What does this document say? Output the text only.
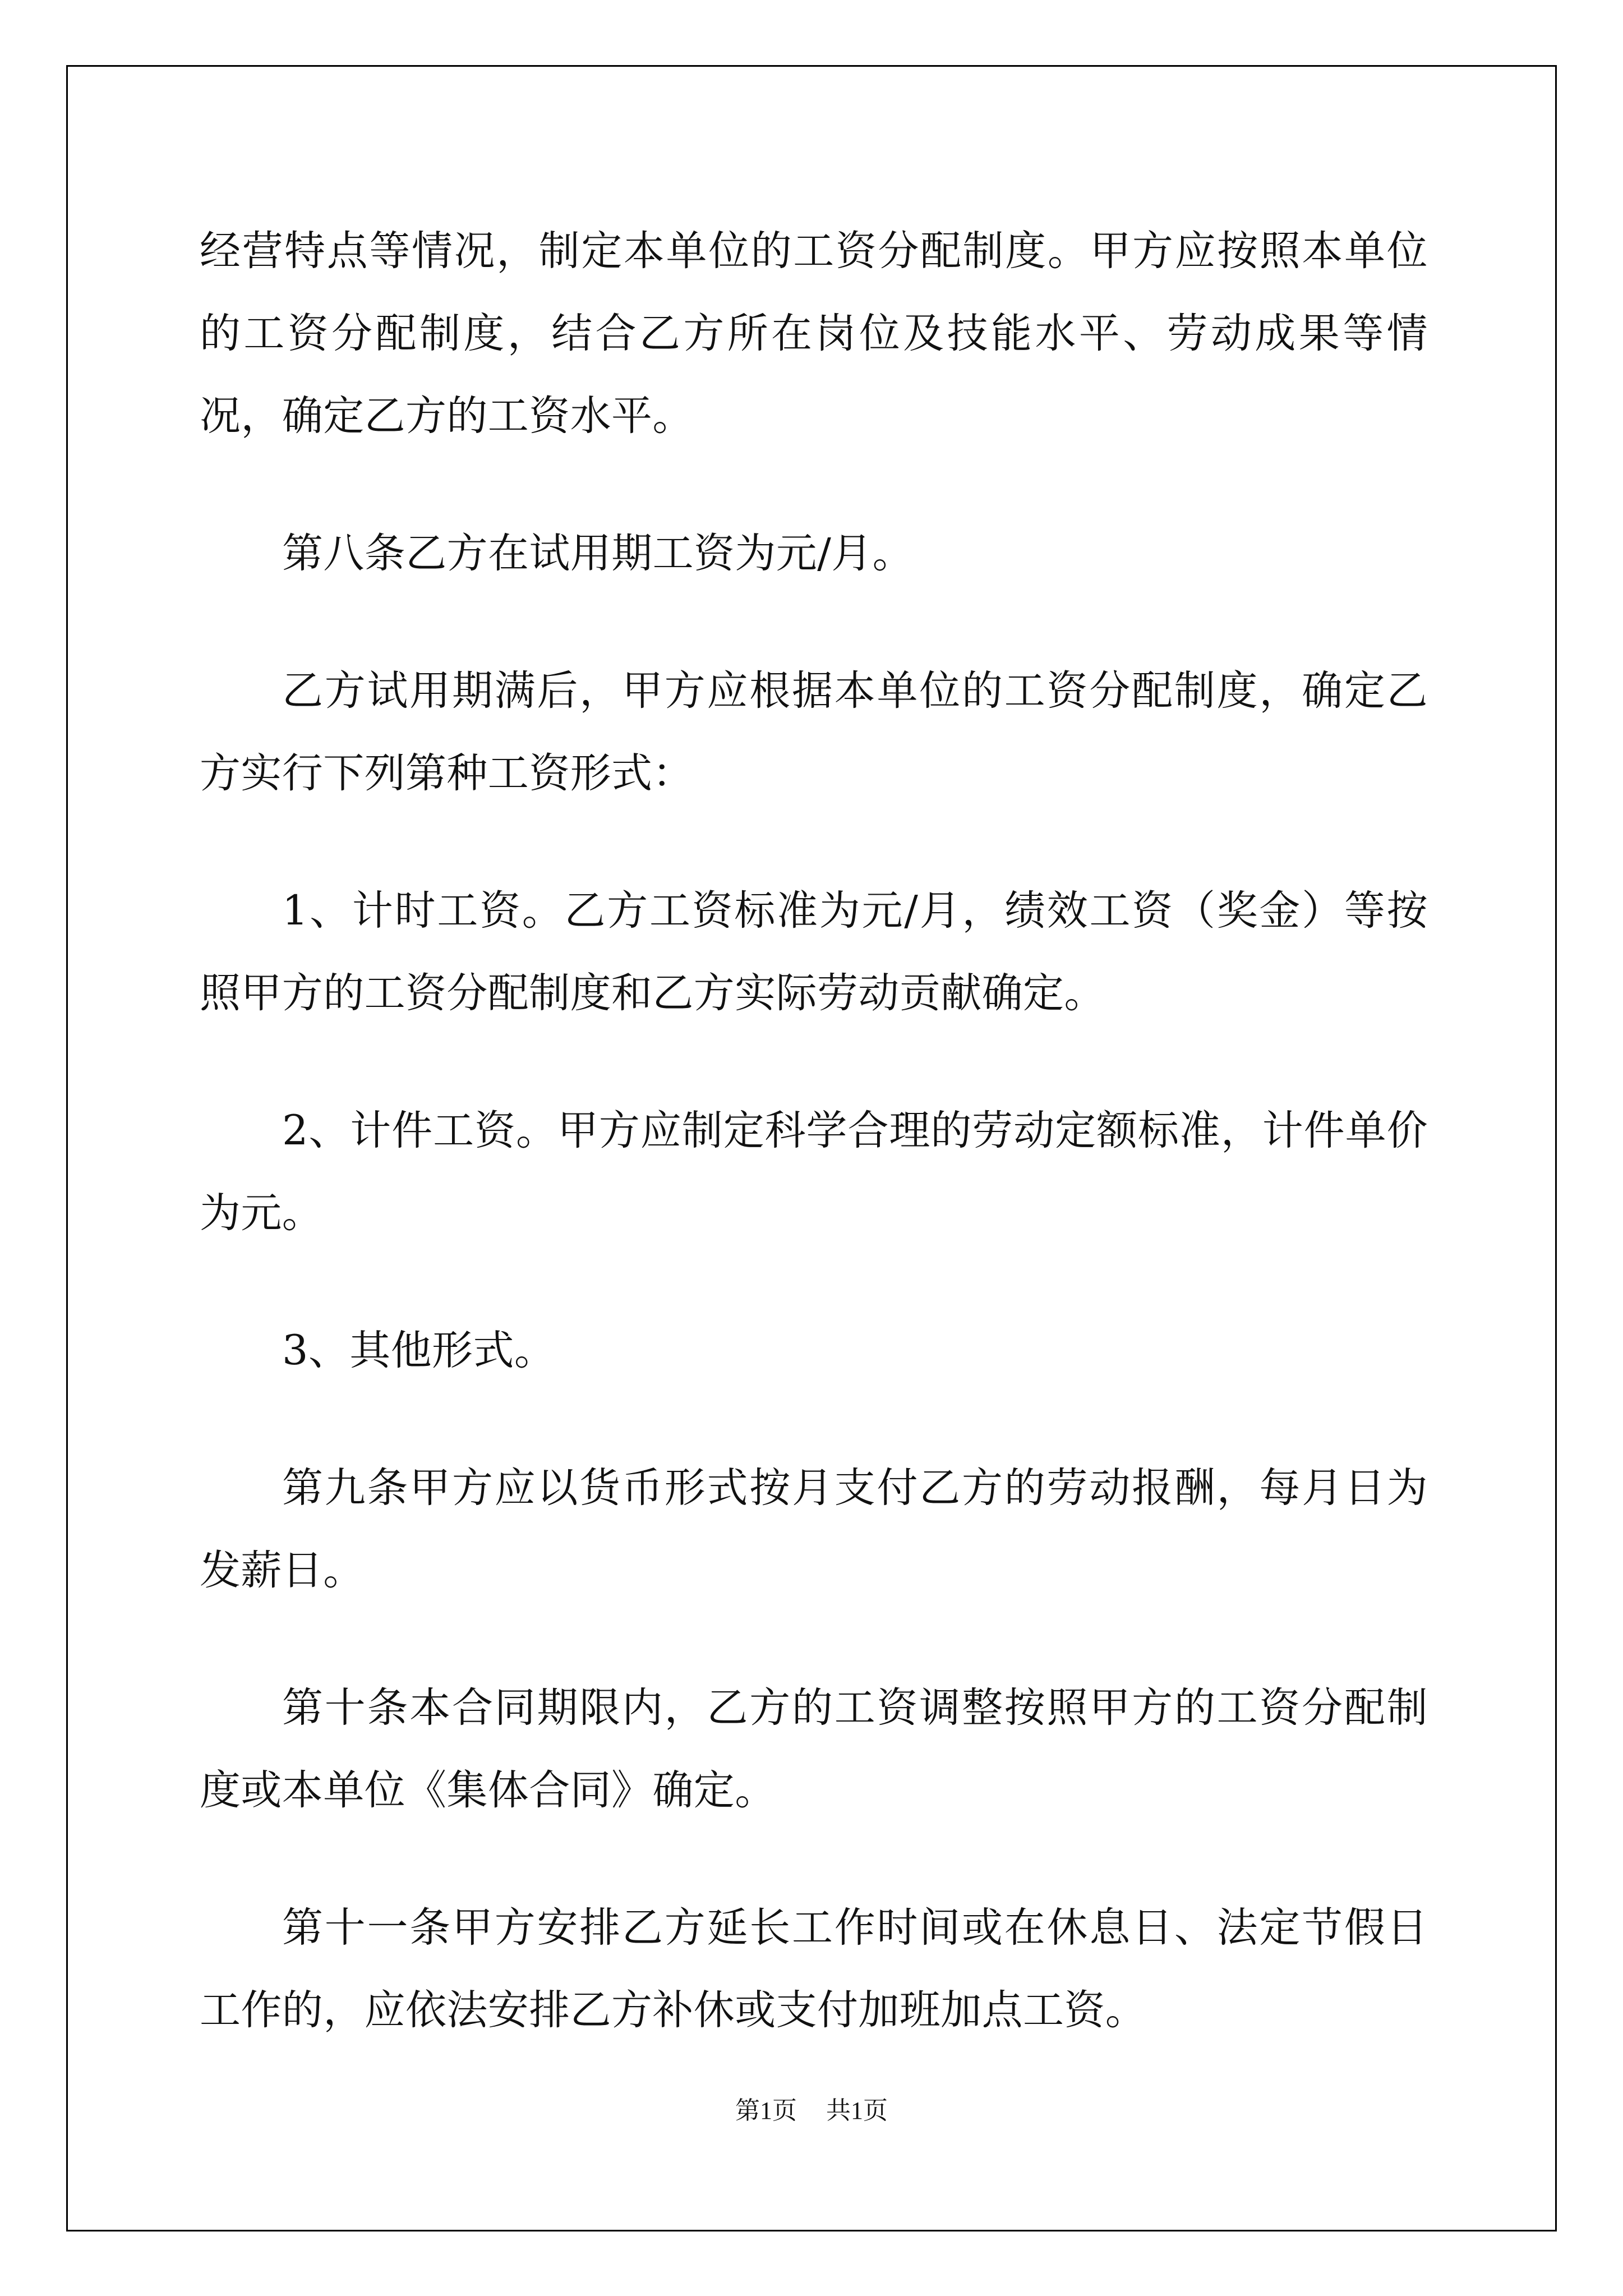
经营特点等情况，制定本单位的工资分配制度。甲方应按照本单位的工资分配制度，结合乙方所在岗位及技能水平、劳动成果等情况，确定乙方的工资水平。

第八条乙方在试用期工资为元/月。

乙方试用期满后，甲方应根据本单位的工资分配制度，确定乙方实行下列第种工资形式：

1、计时工资。乙方工资标准为元/月，绩效工资（奖金）等按照甲方的工资分配制度和乙方实际劳动贡献确定。

2、计件工资。甲方应制定科学合理的劳动定额标准，计件单价为元。

3、其他形式。

第九条甲方应以货币形式按月支付乙方的劳动报酬，每月日为发薪日。

第十条本合同期限内，乙方的工资调整按照甲方的工资分配制度或本单位《集体合同》确定。

第十一条甲方安排乙方延长工作时间或在休息日、法定节假日工作的，应依法安排乙方补休或支付加班加点工资。

第1页 共1页
